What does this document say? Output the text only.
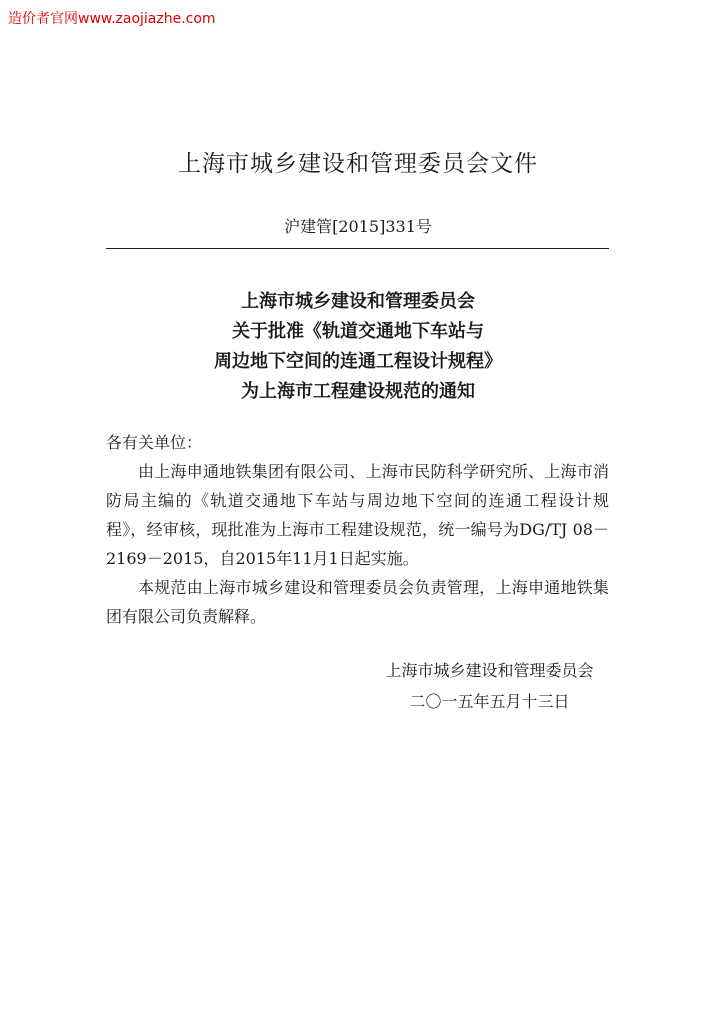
造价者官网www.zaojiazhe.com
上海市城乡建设和管理委员会文件
沪建管[2015]331号
上海市城乡建设和管理委员会
关于批准《轨道交通地下车站与
周边地下空间的连通工程设计规程》
为上海市工程建设规范的通知
各有关单位：

由上海申通地铁集团有限公司、上海市民防科学研究所、上海市消防局主编的《轨道交通地下车站与周边地下空间的连通工程设计规程》，经审核，现批准为上海市工程建设规范，统一编号为DG/TJ 08－2169－2015，自2015年11月1日起实施。

本规范由上海市城乡建设和管理委员会负责管理，上海申通地铁集团有限公司负责解释。

上海市城乡建设和管理委员会
二〇一五年五月十三日
